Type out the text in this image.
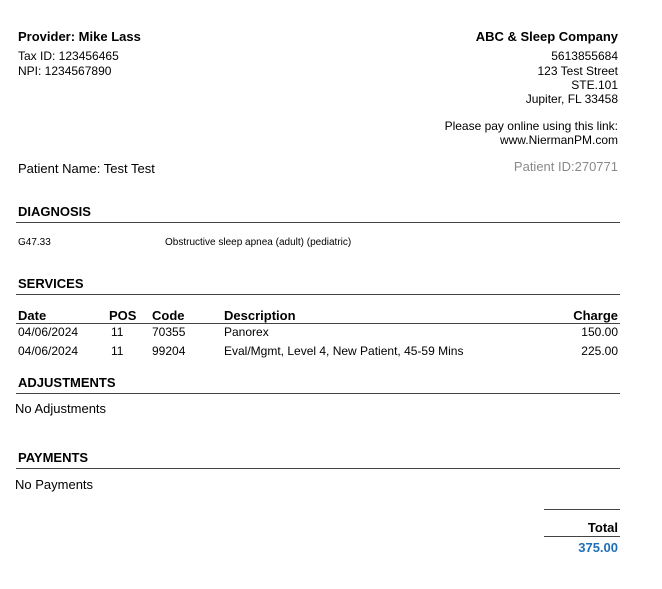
Provider: Mike Lass
Tax ID: 123456465
NPI: 1234567890
ABC & Sleep Company
5613855684
123 Test Street
STE.101
Jupiter, FL 33458
Please pay online using this link:
www.NiermanPM.com
Patient Name: Test Test	Patient ID:270771
DIAGNOSIS
G47.33	Obstructive sleep apnea (adult) (pediatric)
SERVICES
Date	POS Code	Description	Charge
04/06/2024	11 70355	Panorex	150.00
04/06/2024	11 99204	Eval/Mgmt, Level 4, New Patient, 45-59 Mins	225.00
ADJUSTMENTS
No Adjustments
PAYMENTS
No Payments
Total
375.00
